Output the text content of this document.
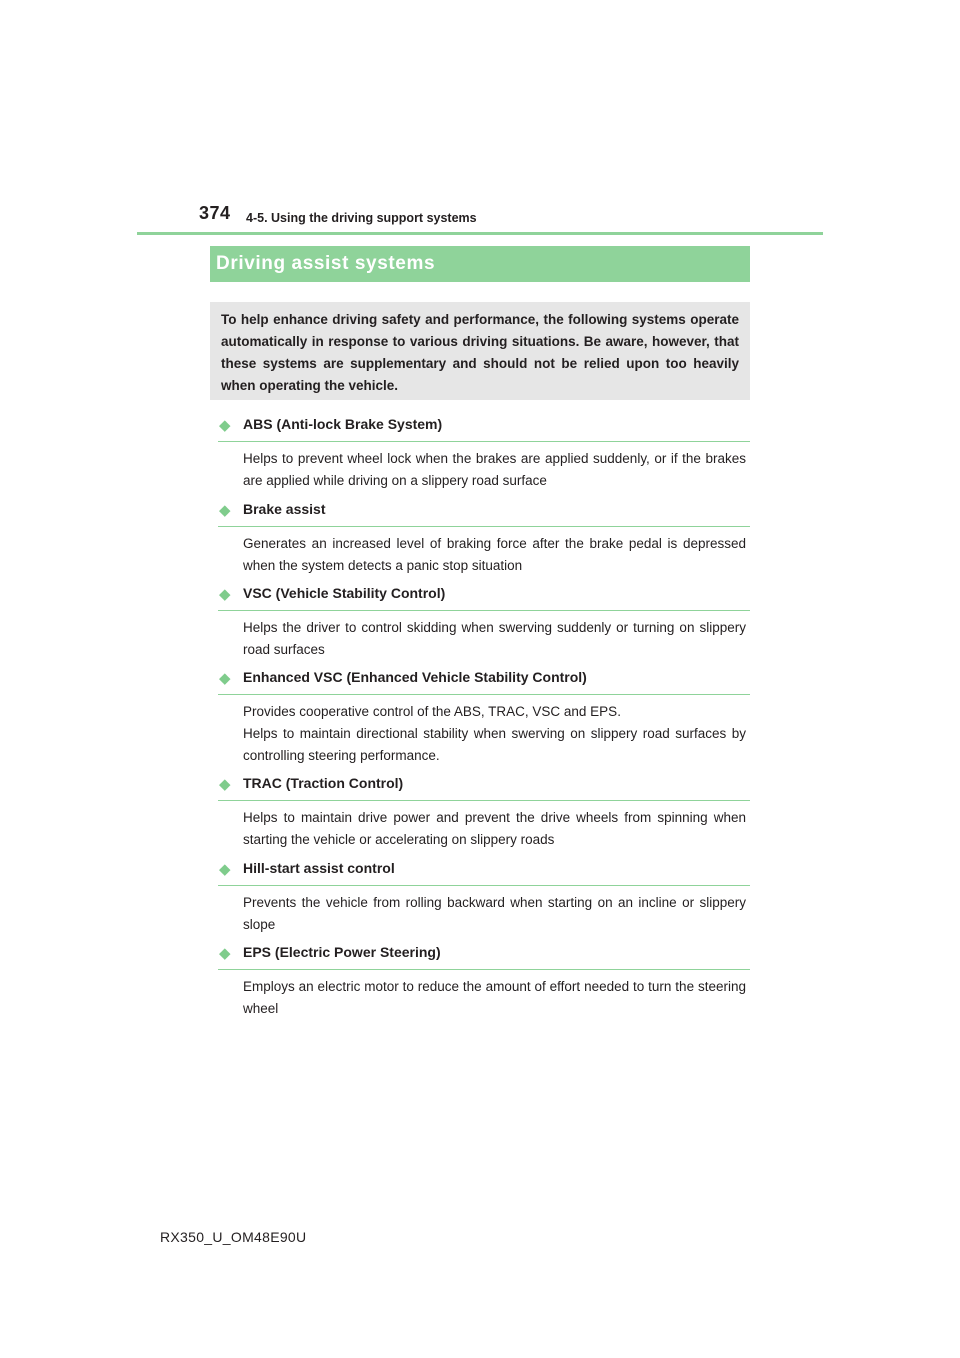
374 4-5. Using the driving support systems
Driving assist systems

To help enhance driving safety and performance, the following systems operate automatically in response to various driving situations. Be aware, however, that these systems are supplementary and should not be relied upon too heavily when operating the vehicle.

◆ ABS (Anti-lock Brake System)

Helps to prevent wheel lock when the brakes are applied suddenly, or if the brakes are applied while driving on a slippery road surface

◆ Brake assist

Generates an increased level of braking force after the brake pedal is depressed when the system detects a panic stop situation

◆ VSC (Vehicle Stability Control)

Helps the driver to control skidding when swerving suddenly or turning on slippery road surfaces

◆ Enhanced VSC (Enhanced Vehicle Stability Control)

Provides cooperative control of the ABS, TRAC, VSC and EPS.

Helps to maintain directional stability when swerving on slippery road surfaces by controlling steering performance.

◆ TRAC (Traction Control)

Helps to maintain drive power and prevent the drive wheels from spinning when starting the vehicle or accelerating on slippery roads

◆ Hill-start assist control

Prevents the vehicle from rolling backward when starting on an incline or slippery slope

◆ EPS (Electric Power Steering)

Employs an electric motor to reduce the amount of effort needed to turn the steering wheel

RX350_U_OM48E90U
